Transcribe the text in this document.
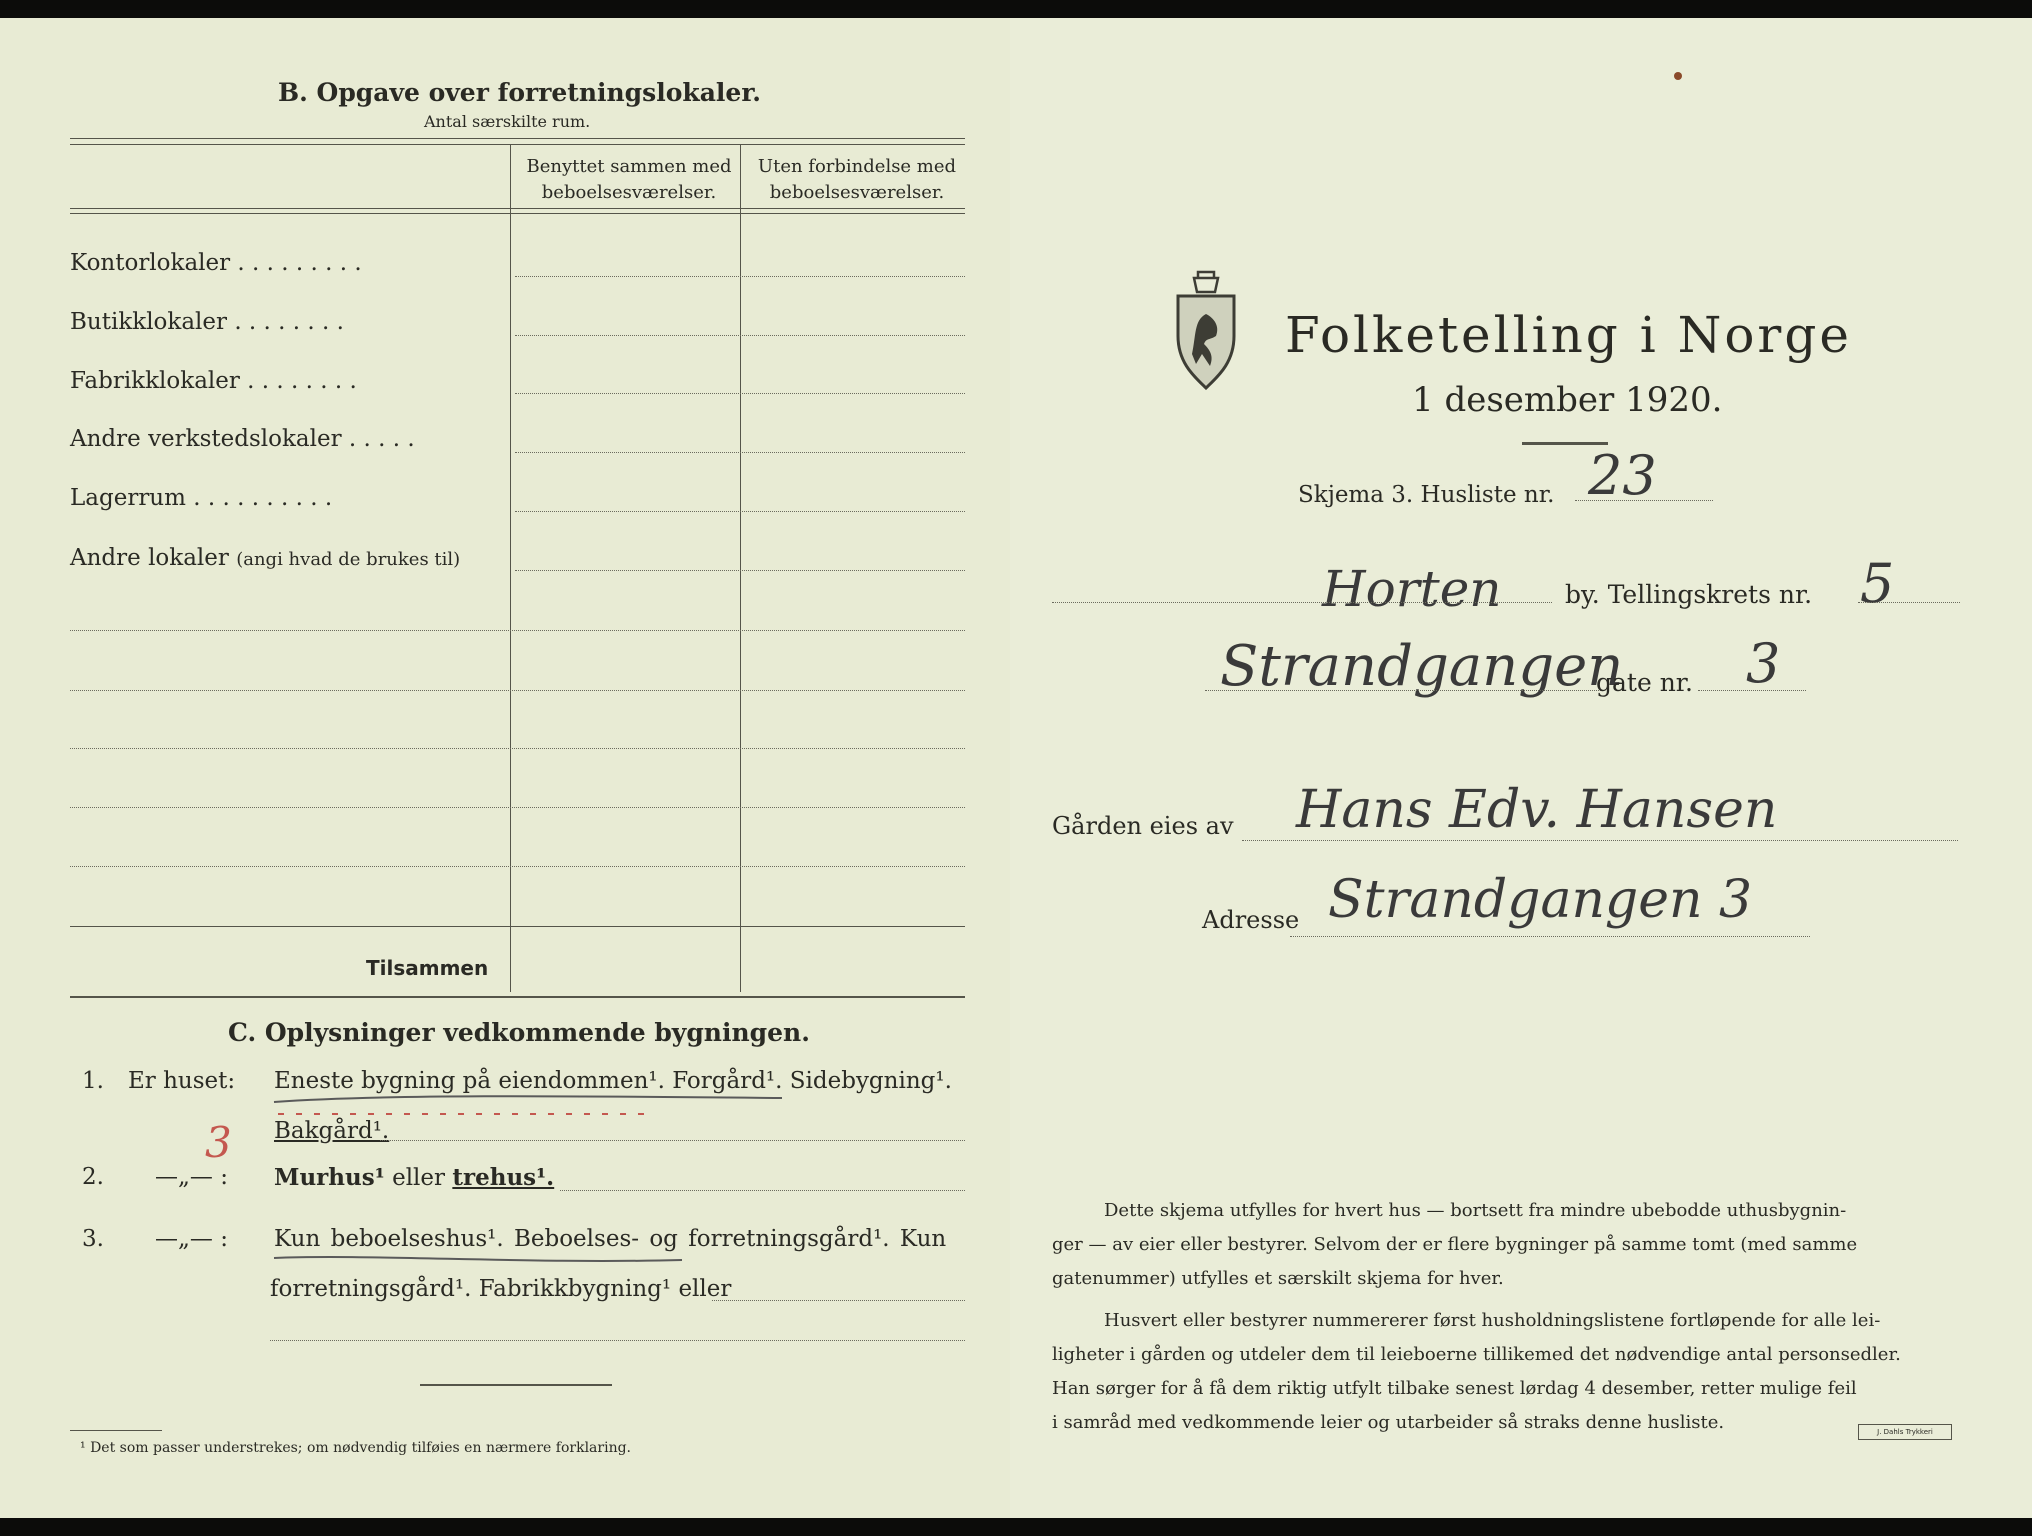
B. Opgave over forretningslokaler.
Antal særskilte rum.
Benyttet sammen med
beboelsesværelser.
Uten forbindelse med
beboelsesværelser.
Kontorlokaler . . . . . . . . .
Butikklokaler . . . . . . . .
Fabrikklokaler . . . . . . . .
Andre verkstedslokaler . . . . .
Lagerrum . . . . . . . . . .
Andre lokaler (angi hvad de brukes til)
Tilsammen
C. Oplysninger vedkommende bygningen.
1. Er huset: Eneste bygning på eiendommen¹. Forgård¹. Sidebygning¹.
3 Bakgård¹.
2. —„— : Murhus¹ eller trehus¹.
3. —„— : Kun beboelseshus¹. Beboelses- og forretningsgård¹. Kun
forretningsgård¹. Fabrikkbygning¹ eller
¹ Det som passer understrekes; om nødvendig tilføies en nærmere forklaring.
Folketelling i Norge
1 desember 1920.
Skjema 3. Husliste nr. 23
Horten	by. Tellingskrets nr. 5
Strandgangen
gate nr. 3
Gården eies av Hans Edv. Hansen
Adresse Strandgangen 3
Dette skjema utfylles for hvert hus — bortsett fra mindre ubebodde uthusbygnin-
ger — av eier eller bestyrer. Selvom der er flere bygninger på samme tomt (med samme
gatenummer) utfylles et særskilt skjema for hver.
Husvert eller bestyrer nummererer først husholdningslistene fortløpende for alle lei-
ligheter i gården og utdeler dem til leieboerne tillikemed det nødvendige antal personsedler.
Han sørger for å få dem riktig utfylt tilbake senest lørdag 4 desember, retter mulige feil
i samråd med vedkommende leier og utarbeider så straks denne husliste.	J. Dahls Trykkeri
